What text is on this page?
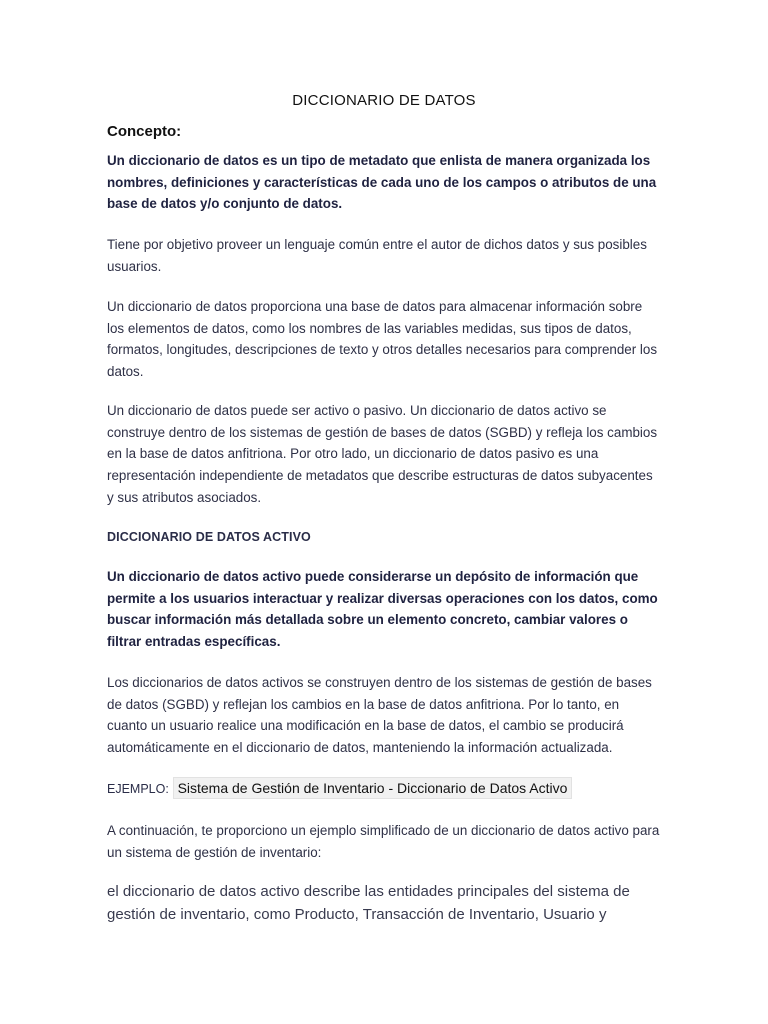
DICCIONARIO DE DATOS
Concepto:
Un diccionario de datos es un tipo de metadato que enlista de manera organizada los nombres, definiciones y características de cada uno de los campos o atributos de una base de datos y/o conjunto de datos.
Tiene por objetivo proveer un lenguaje común entre el autor de dichos datos y sus posibles usuarios.
Un diccionario de datos proporciona una base de datos para almacenar información sobre los elementos de datos, como los nombres de las variables medidas, sus tipos de datos, formatos, longitudes, descripciones de texto y otros detalles necesarios para comprender los datos.
Un diccionario de datos puede ser activo o pasivo. Un diccionario de datos activo se construye dentro de los sistemas de gestión de bases de datos (SGBD) y refleja los cambios en la base de datos anfitriona. Por otro lado, un diccionario de datos pasivo es una representación independiente de metadatos que describe estructuras de datos subyacentes y sus atributos asociados.
DICCIONARIO DE DATOS ACTIVO
Un diccionario de datos activo puede considerarse un depósito de información que permite a los usuarios interactuar y realizar diversas operaciones con los datos, como buscar información más detallada sobre un elemento concreto, cambiar valores o filtrar entradas específicas.
Los diccionarios de datos activos se construyen dentro de los sistemas de gestión de bases de datos (SGBD) y reflejan los cambios en la base de datos anfitriona. Por lo tanto, en cuanto un usuario realice una modificación en la base de datos, el cambio se producirá automáticamente en el diccionario de datos, manteniendo la información actualizada.
EJEMPLO: Sistema de Gestión de Inventario - Diccionario de Datos Activo
A continuación, te proporciono un ejemplo simplificado de un diccionario de datos activo para un sistema de gestión de inventario:
el diccionario de datos activo describe las entidades principales del sistema de gestión de inventario, como Producto, Transacción de Inventario, Usuario y
